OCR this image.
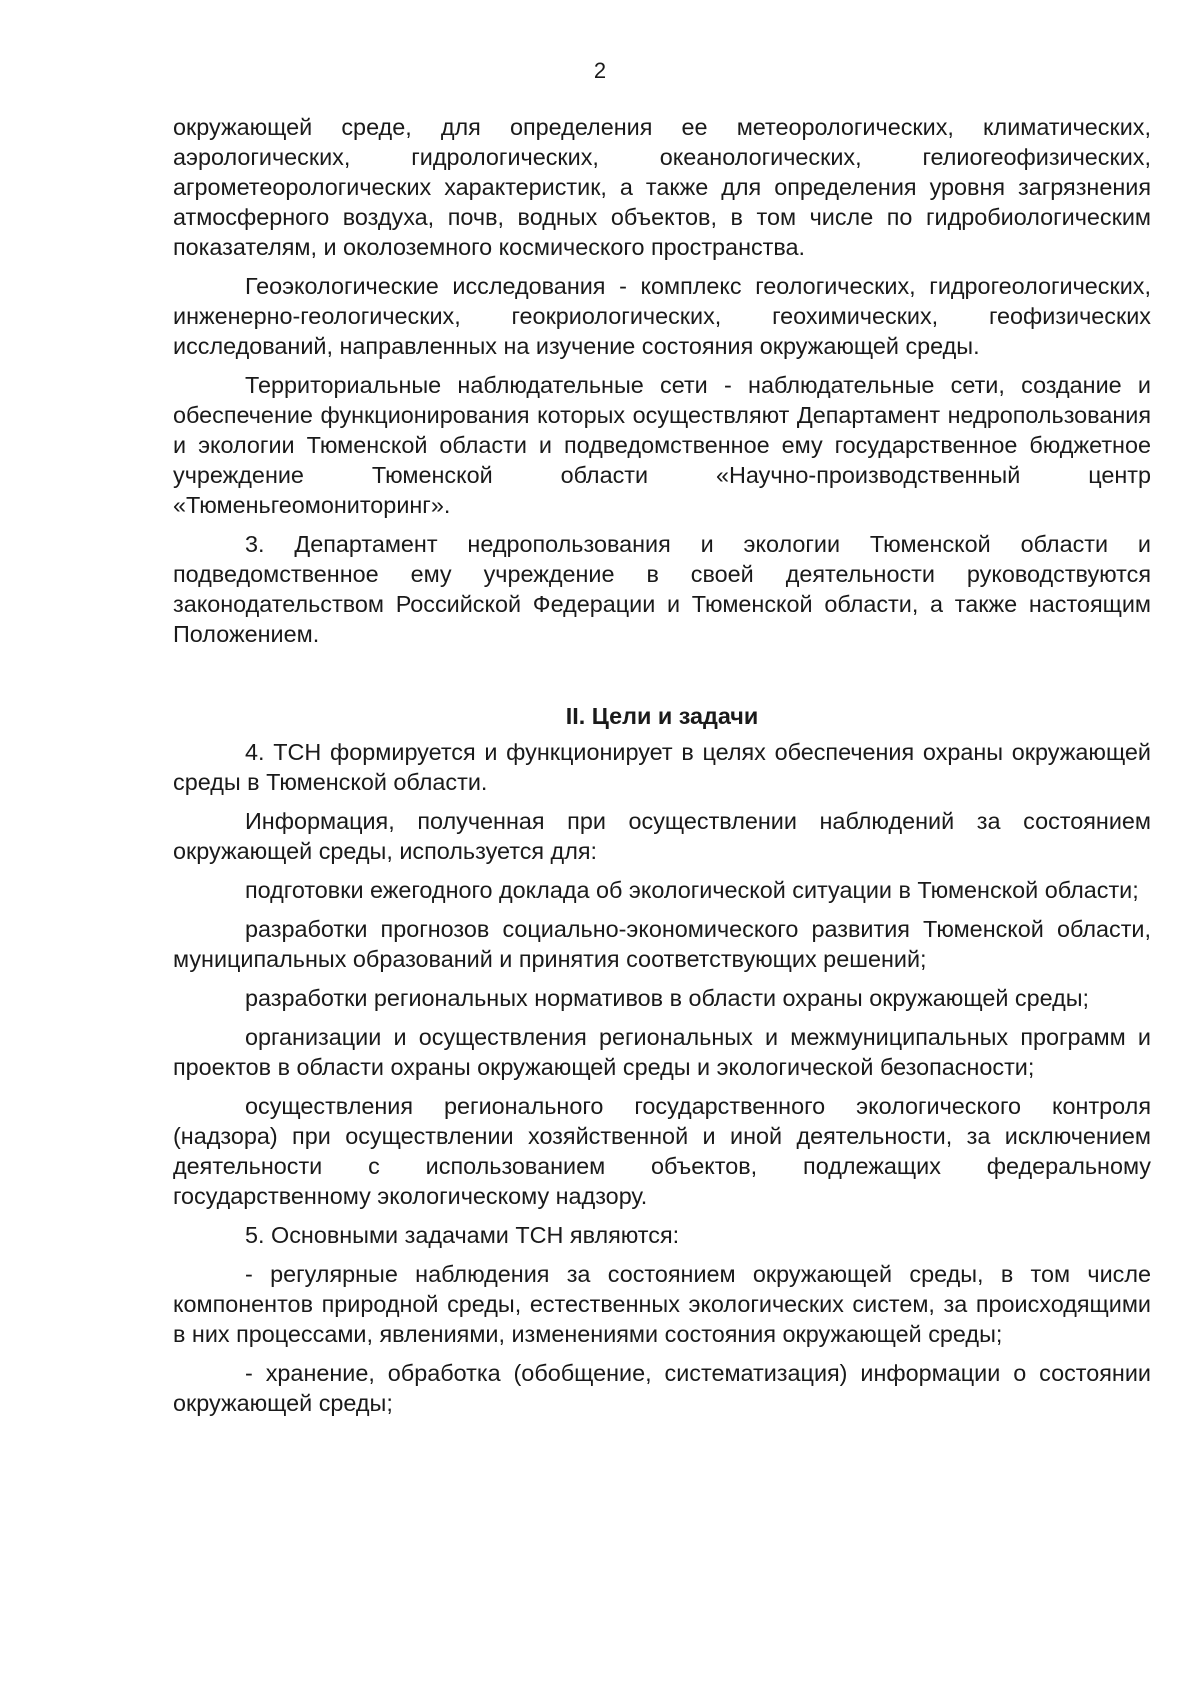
2

окружающей среде, для определения ее метеорологических, климатических, аэрологических, гидрологических, океанологических, гелиогеофизических, агрометеорологических характеристик, а также для определения уровня загрязнения атмосферного воздуха, почв, водных объектов, в том числе по гидробиологическим показателям, и околоземного космического пространства.

Геоэкологические исследования - комплекс геологических, гидрогеологических, инженерно-геологических, геокриологических, геохимических, геофизических исследований, направленных на изучение состояния окружающей среды.

Территориальные наблюдательные сети - наблюдательные сети, создание и обеспечение функционирования которых осуществляют Департамент недропользования и экологии Тюменской области и подведомственное ему государственное бюджетное учреждение Тюменской области «Научно-производственный центр «Тюменьгеомониторинг».

3. Департамент недропользования и экологии Тюменской области и подведомственное ему учреждение в своей деятельности руководствуются законодательством Российской Федерации и Тюменской области, а также настоящим Положением.

II. Цели и задачи

4. ТСН формируется и функционирует в целях обеспечения охраны окружающей среды в Тюменской области.

Информация, полученная при осуществлении наблюдений за состоянием окружающей среды, используется для:

подготовки ежегодного доклада об экологической ситуации в Тюменской области;

разработки прогнозов социально-экономического развития Тюменской области, муниципальных образований и принятия соответствующих решений;

разработки региональных нормативов в области охраны окружающей среды;

организации и осуществления региональных и межмуниципальных программ и проектов в области охраны окружающей среды и экологической безопасности;

осуществления регионального государственного экологического контроля (надзора) при осуществлении хозяйственной и иной деятельности, за исключением деятельности с использованием объектов, подлежащих федеральному государственному экологическому надзору.

5. Основными задачами ТСН являются:

- регулярные наблюдения за состоянием окружающей среды, в том числе компонентов природной среды, естественных экологических систем, за происходящими в них процессами, явлениями, изменениями состояния окружающей среды;

- хранение, обработка (обобщение, систематизация) информации о состоянии окружающей среды;
